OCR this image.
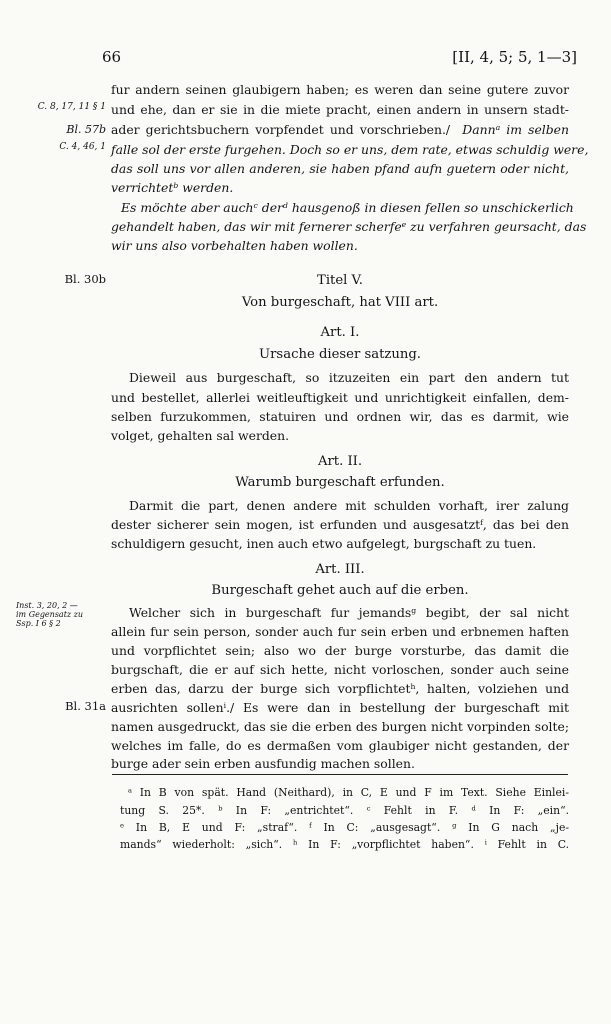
66	[II, 4, 5; 5, 1—3]
C. 8, 17, 11 § 1
Bl. 57b
C. 4, 46, 1
Bl. 30b
Inst. 3, 20, 2 —
im Gegensatz zu
Ssp. I 6 § 2
Bl. 31a
fur andern seinen glaubigern haben; es weren dan seine gutere zuvor
und ehe, dan er sie in die miete pracht, einen andern in unsern stadt-
ader gerichtsbuchern vorpfendet und vorschrieben./  Dann$^a$ im selben
falle sol der erste furgehen. Doch so er uns, dem rate, etwas schuldig were,
das soll uns vor allen anderen, sie haben pfand aufn guetern oder nicht,
verrichtet$^b$ werden.
Es möchte aber auch$^c$ der$^d$ hausgenoß in diesen fellen so unschickerlich
gehandelt haben, das wir mit fernerer scherfe$^e$ zu verfahren geursacht, das
wir uns also vorbehalten haben wollen.
Titel V.
Von burgeschaft, hat VIII art.
Art. I.
Ursache dieser satzung.
Dieweil aus burgeschaft, so itzuzeiten ein part den andern tut
und bestellet, allerlei weitleuftigkeit und unrichtigkeit einfallen, dem-
selben furzukommen, statuiren und ordnen wir, das es darmit, wie
volget, gehalten sal werden.
Art. II.
Warumb burgeschaft erfunden.
Darmit die part, denen andere mit schulden vorhaft, irer zalung
dester sicherer sein mogen, ist erfunden und ausgesatzt$^f$, das bei den
schuldigern gesucht, inen auch etwo aufgelegt, burgschaft zu tuen.
Art. III.
Burgeschaft gehet auch auf die erben.
Welcher sich in burgeschaft fur jemands$^g$ begibt, der sal nicht
allein fur sein person, sonder auch fur sein erben und erbnemen haften
und vorpflichtet sein; also wo der burge vorsturbe, das damit die
burgschaft, die er auf sich hette, nicht vorloschen, sonder auch seine
erben das, darzu der burge sich vorpflichtet$^h$, halten, volziehen und
ausrichten sollen$^i$./ Es were dan in bestellung der burgeschaft mit
namen ausgedruckt, das sie die erben des burgen nicht vorpinden solte;
welches im falle, do es dermaßen vom glaubiger nicht gestanden, der
burge ader sein erben ausfundig machen sollen.
$^a$ In B von spät. Hand (Neithard), in C, E und F im Text. Siehe Einlei-
tung S. 25*. $^b$ In F: „entrichtet“. $^c$ Fehlt in F. $^d$ In F: „ein“.
$^e$ In B, E und F: „straf“. $^f$ In C: „ausgesagt“. $^g$ In G nach „je-
mands“ wiederholt: „sich“. $^h$ In F: „vorpflichtet haben“. $^i$ Fehlt in C.
